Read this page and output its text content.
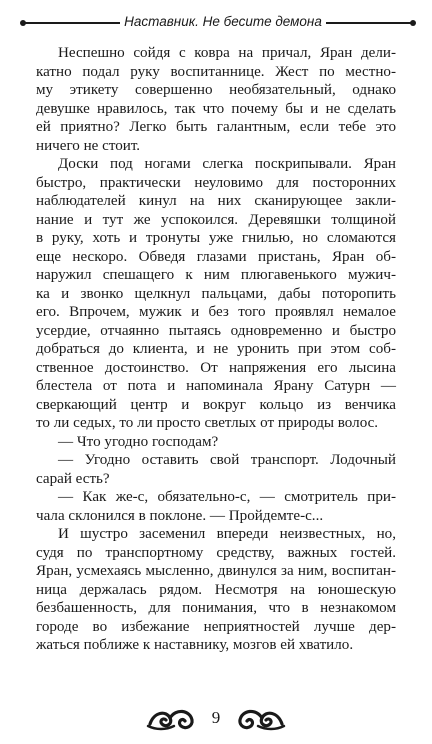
Наставник. Не бесите демона
Неспешно сойдя с ковра на причал, Яран дели-
катно подал руку воспитаннице. Жест по местно-
му этикету совершенно необязательный, однако
девушке нравилось, так что почему бы и не сделать
ей приятно? Легко быть галантным, если тебе это
ничего не стоит.
Доски под ногами слегка поскрипывали. Яран
быстро, практически неуловимо для посторонних
наблюдателей кинул на них сканирующее закли-
нание и тут же успокоился. Деревяшки толщиной
в руку, хоть и тронуты уже гнилью, но сломаются
еще нескоро. Обведя глазами пристань, Яран об-
наружил спешащего к ним плюгавенького мужич-
ка и звонко щелкнул пальцами, дабы поторопить
его. Впрочем, мужик и без того проявлял немалое
усердие, отчаянно пытаясь одновременно и быстро
добраться до клиента, и не уронить при этом соб-
ственное достоинство. От напряжения его лысина
блестела от пота и напоминала Ярану Сатурн —
сверкающий центр и вокруг кольцо из венчика
то ли седых, то ли просто светлых от природы волос.
— Что угодно господам?
— Угодно оставить свой транспорт. Лодочный
сарай есть?
— Как же-с, обязательно-с, — смотритель при-
чала склонился в поклоне. — Пройдемте-с...
И шустро засеменил впереди неизвестных, но,
судя по транспортному средству, важных гостей.
Яран, усмехаясь мысленно, двинулся за ним, воспитан-
ница держалась рядом. Несмотря на юношескую
безбашенность, для понимания, что в незнакомом
городе во избежание неприятностей лучше дер-
жаться поближе к наставнику, мозгов ей хватило.
9
